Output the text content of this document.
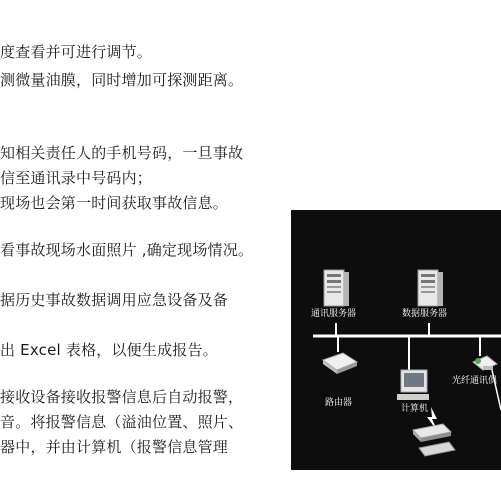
度查看并可进行调节。
测微量油膜，同时增加可探测距离。
知相关责任人的手机号码，一旦事故
信至通讯录中号码内；
现场也会第一时间获取事故信息。
看事故现场水面照片 ,确定现场情况。
据历史事故数据调用应急设备及备
出 Excel 表格，以便生成报告。
接收设备接收报警信息后自动报警，
音。将报警信息（溢油位置、照片、
器中，并由计算机（报警信息管理
通讯服务器	数据服务器
路由器
计算机
光纤通讯俱
